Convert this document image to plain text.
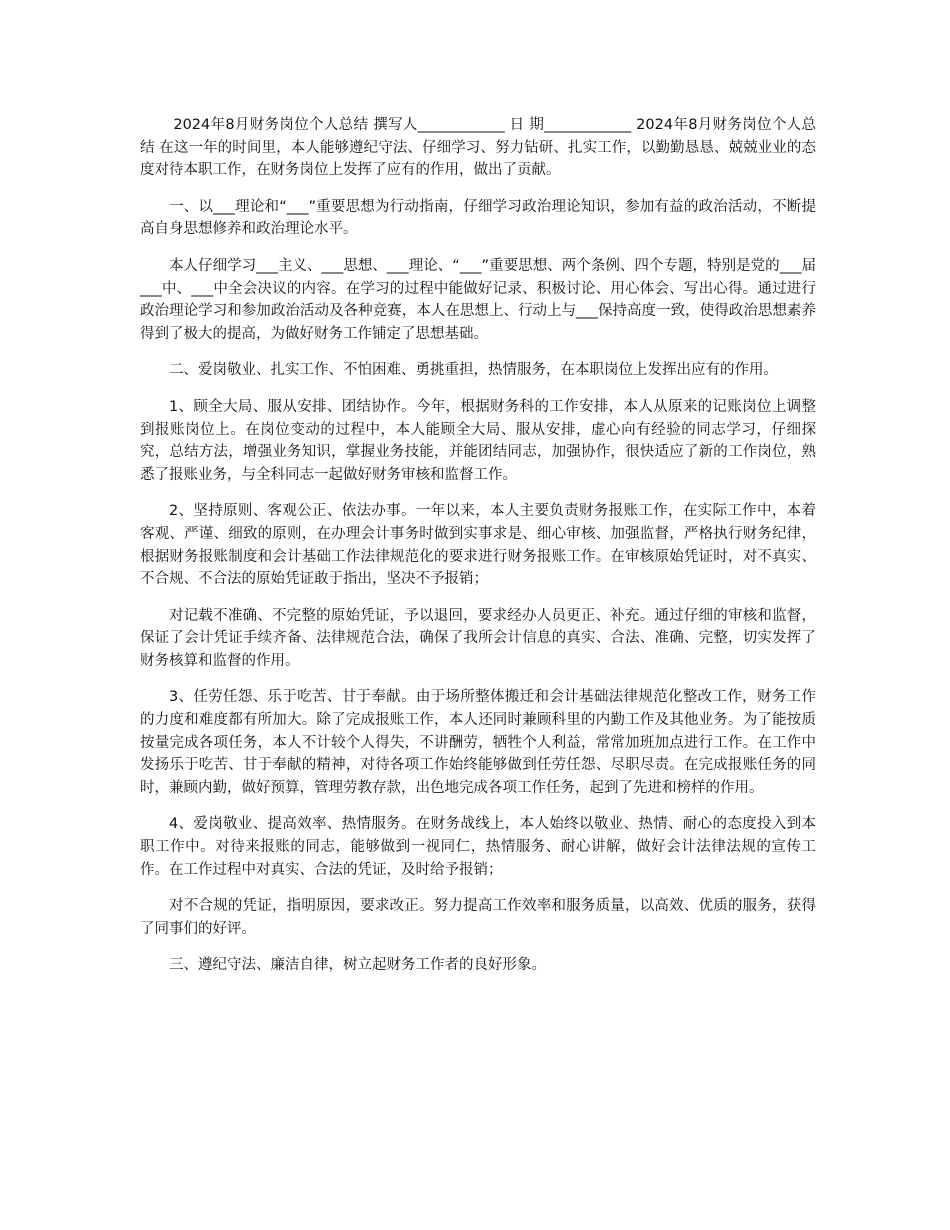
2024年8月财务岗位个人总结 撰写人____________ 日 期____________ 2024年8月财务岗位个人总结 在这一年的时间里，本人能够遵纪守法、仔细学习、努力钻研、扎实工作，以勤勤恳恳、兢兢业业的态度对待本职工作，在财务岗位上发挥了应有的作用，做出了贡献。

一、以___理论和“___”重要思想为行动指南，仔细学习政治理论知识，参加有益的政治活动，不断提高自身思想修养和政治理论水平。

本人仔细学习___主义、___思想、___理论、“___”重要思想、两个条例、四个专题，特别是党的___届___中、___中全会决议的内容。在学习的过程中能做好记录、积极讨论、用心体会、写出心得。通过进行政治理论学习和参加政治活动及各种竞赛，本人在思想上、行动上与___保持高度一致，使得政治思想素养得到了极大的提高，为做好财务工作铺定了思想基础。

二、爱岗敬业、扎实工作、不怕困难、勇挑重担，热情服务，在本职岗位上发挥出应有的作用。

1、顾全大局、服从安排、团结协作。今年，根据财务科的工作安排，本人从原来的记账岗位上调整到报账岗位上。在岗位变动的过程中，本人能顾全大局、服从安排，虚心向有经验的同志学习，仔细探究，总结方法，增强业务知识，掌握业务技能，并能团结同志，加强协作，很快适应了新的工作岗位，熟悉了报账业务，与全科同志一起做好财务审核和监督工作。

2、坚持原则、客观公正、依法办事。一年以来，本人主要负责财务报账工作，在实际工作中，本着客观、严谨、细致的原则，在办理会计事务时做到实事求是、细心审核、加强监督，严格执行财务纪律，根据财务报账制度和会计基础工作法律规范化的要求进行财务报账工作。在审核原始凭证时，对不真实、不合规、不合法的原始凭证敢于指出，坚决不予报销；

对记载不准确、不完整的原始凭证，予以退回，要求经办人员更正、补充。通过仔细的审核和监督，保证了会计凭证手续齐备、法律规范合法，确保了我所会计信息的真实、合法、准确、完整，切实发挥了财务核算和监督的作用。

3、任劳任怨、乐于吃苦、甘于奉献。由于场所整体搬迁和会计基础法律规范化整改工作，财务工作的力度和难度都有所加大。除了完成报账工作，本人还同时兼顾科里的内勤工作及其他业务。为了能按质按量完成各项任务，本人不计较个人得失，不讲酬劳，牺牲个人利益，常常加班加点进行工作。在工作中发扬乐于吃苦、甘于奉献的精神，对待各项工作始终能够做到任劳任怨、尽职尽责。在完成报账任务的同时，兼顾内勤，做好预算，管理劳教存款，出色地完成各项工作任务，起到了先进和榜样的作用。

4、爱岗敬业、提高效率、热情服务。在财务战线上，本人始终以敬业、热情、耐心的态度投入到本职工作中。对待来报账的同志，能够做到一视同仁，热情服务、耐心讲解，做好会计法律法规的宣传工作。在工作过程中对真实、合法的凭证，及时给予报销；

对不合规的凭证，指明原因，要求改正。努力提高工作效率和服务质量，以高效、优质的服务，获得了同事们的好评。

三、遵纪守法、廉洁自律，树立起财务工作者的良好形象。
